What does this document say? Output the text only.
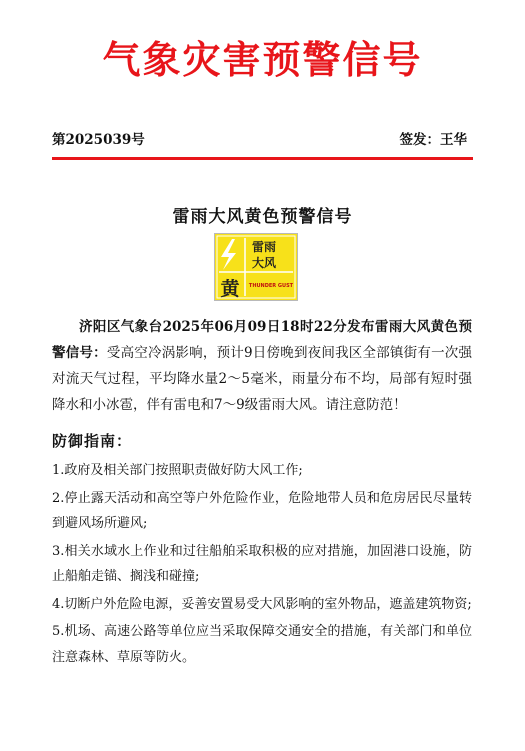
气象灾害预警信号
第2025039号	签发：王华
雷雨大风黄色预警信号
雷雨
大风
黄 THUNDER GUST
济阳区气象台2025年06月09日18时22分发布雷雨大风黄色预警信号：受高空冷涡影响，预计9日傍晚到夜间我区全部镇街有一次强对流天气过程，平均降水量2～5毫米，雨量分布不均，局部有短时强降水和小冰雹，伴有雷电和7～9级雷雨大风。请注意防范！
防御指南：
1.政府及相关部门按照职责做好防大风工作;
2.停止露天活动和高空等户外危险作业，危险地带人员和危房居民尽量转到避风场所避风;
3.相关水域水上作业和过往船舶采取积极的应对措施，加固港口设施，防止船舶走锚、搁浅和碰撞;
4.切断户外危险电源，妥善安置易受大风影响的室外物品，遮盖建筑物资;
5.机场、高速公路等单位应当采取保障交通安全的措施，有关部门和单位注意森林、草原等防火。
